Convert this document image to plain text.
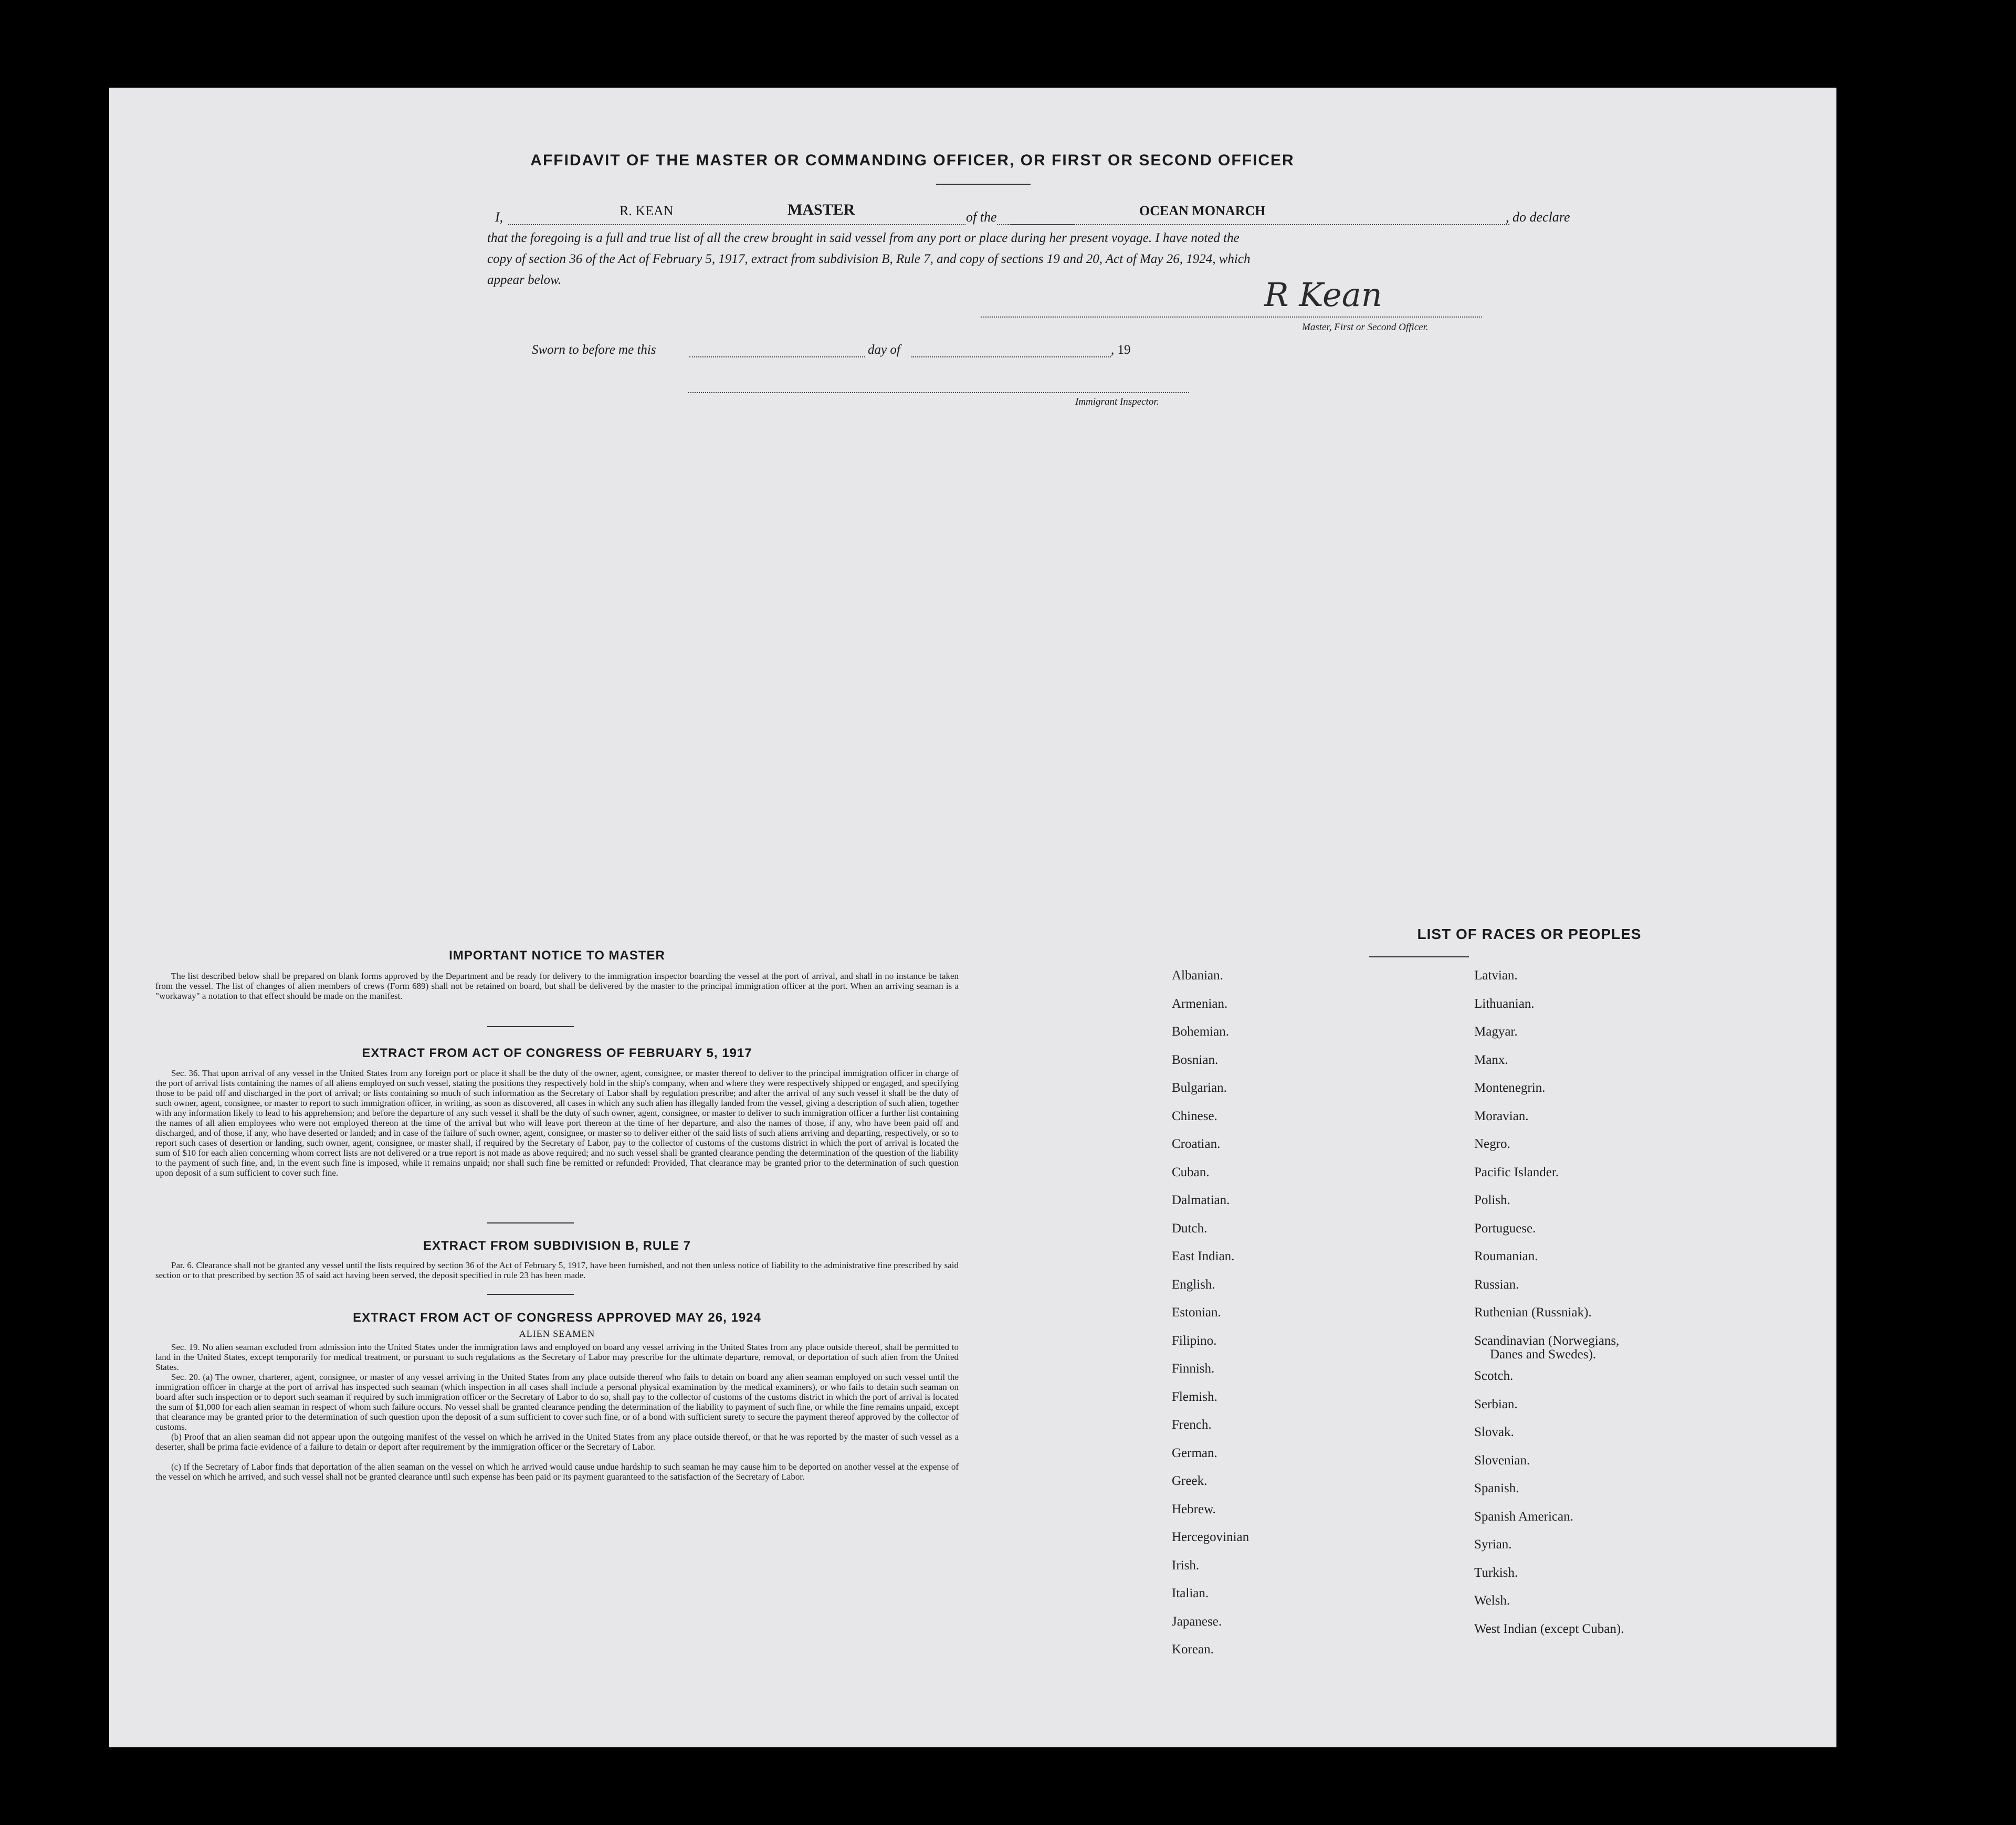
AFFIDAVIT OF THE MASTER OR COMMANDING OFFICER, OR FIRST OR SECOND OFFICER
I,	R. KEAN	MASTER	of the	OCEAN MONARCH	, do declare
that the foregoing is a full and true list of all the crew brought in said vessel from any port or place during her present voyage. I have noted the
copy of section 36 of the Act of February 5, 1917, extract from subdivision B, Rule 7, and copy of sections 19 and 20, Act of May 26, 1924, which
appear below.	R Kean
Master, First or Second Officer.
Sworn to before me this	day of	, 19
Immigrant Inspector.
IMPORTANT NOTICE TO MASTER
The list described below shall be prepared on blank forms approved by the Department and be ready for delivery to the immigration inspector boarding the vessel at the port of arrival, and shall in no instance be taken from the vessel. The list of changes of alien members of crews (Form 689) shall not be retained on board, but shall be delivered by the master to the principal immigration officer at the port. When an arriving seaman is a "workaway" a notation to that effect should be made on the manifest.
EXTRACT FROM ACT OF CONGRESS OF FEBRUARY 5, 1917
Sec. 36. That upon arrival of any vessel in the United States from any foreign port or place it shall be the duty of the owner, agent, consignee, or master thereof to deliver to the principal immigration officer in charge of the port of arrival lists containing the names of all aliens employed on such vessel, stating the positions they respectively hold in the ship's company, when and where they were respectively shipped or engaged, and specifying those to be paid off and discharged in the port of arrival; or lists containing so much of such information as the Secretary of Labor shall by regulation prescribe; and after the arrival of any such vessel it shall be the duty of such owner, agent, consignee, or master to report to such immigration officer, in writing, as soon as discovered, all cases in which any such alien has illegally landed from the vessel, giving a description of such alien, together with any information likely to lead to his apprehension; and before the departure of any such vessel it shall be the duty of such owner, agent, consignee, or master to deliver to such immigration officer a further list containing the names of all alien employees who were not employed thereon at the time of the arrival but who will leave port thereon at the time of her departure, and also the names of those, if any, who have been paid off and discharged, and of those, if any, who have deserted or landed; and in case of the failure of such owner, agent, consignee, or master so to deliver either of the said lists of such aliens arriving and departing, respectively, or so to report such cases of desertion or landing, such owner, agent, consignee, or master shall, if required by the Secretary of Labor, pay to the collector of customs of the customs district in which the port of arrival is located the sum of $10 for each alien concerning whom correct lists are not delivered or a true report is not made as above required; and no such vessel shall be granted clearance pending the determination of the question of the liability to the payment of such fine, and, in the event such fine is imposed, while it remains unpaid; nor shall such fine be remitted or refunded: Provided, That clearance may be granted prior to the determination of such question upon deposit of a sum sufficient to cover such fine.
EXTRACT FROM SUBDIVISION B, RULE 7
Par. 6. Clearance shall not be granted any vessel until the lists required by section 36 of the Act of February 5, 1917, have been furnished, and not then unless notice of liability to the administrative fine prescribed by said section or to that prescribed by section 35 of said act having been served, the deposit specified in rule 23 has been made.
EXTRACT FROM ACT OF CONGRESS APPROVED MAY 26, 1924
ALIEN SEAMEN
Sec. 19. No alien seaman excluded from admission into the United States under the immigration laws and employed on board any vessel arriving in the United States from any place outside thereof, shall be permitted to land in the United States, except temporarily for medical treatment, or pursuant to such regulations as the Secretary of Labor may prescribe for the ultimate departure, removal, or deportation of such alien from the United States.
Sec. 20. (a) The owner, charterer, agent, consignee, or master of any vessel arriving in the United States from any place outside thereof who fails to detain on board any alien seaman employed on such vessel until the immigration officer in charge at the port of arrival has inspected such seaman (which inspection in all cases shall include a personal physical examination by the medical examiners), or who fails to detain such seaman on board after such inspection or to deport such seaman if required by such immigration officer or the Secretary of Labor to do so, shall pay to the collector of customs of the customs district in which the port of arrival is located the sum of $1,000 for each alien seaman in respect of whom such failure occurs. No vessel shall be granted clearance pending the determination of the liability to payment of such fine, or while the fine remains unpaid, except that clearance may be granted prior to the determination of such question upon the deposit of a sum sufficient to cover such fine, or of a bond with sufficient surety to secure the payment thereof approved by the collector of customs.
(b) Proof that an alien seaman did not appear upon the outgoing manifest of the vessel on which he arrived in the United States from any place outside thereof, or that he was reported by the master of such vessel as a deserter, shall be prima facie evidence of a failure to detain or deport after requirement by the immigration officer or the Secretary of Labor.
(c) If the Secretary of Labor finds that deportation of the alien seaman on the vessel on which he arrived would cause undue hardship to such seaman he may cause him to be deported on another vessel at the expense of the vessel on which he arrived, and such vessel shall not be granted clearance until such expense has been paid or its payment guaranteed to the satisfaction of the Secretary of Labor.
LIST OF RACES OR PEOPLES
Albanian.
Armenian.
Bohemian.
Bosnian.
Bulgarian.
Chinese.
Croatian.
Cuban.
Dalmatian.
Dutch.
East Indian.
English.
Estonian.
Filipino.
Finnish.
Flemish.
French.
German.
Greek.
Hebrew.
Hercegovinian
Irish.
Italian.
Japanese.
Korean.
Latvian.
Lithuanian.
Magyar.
Manx.
Montenegrin.
Moravian.
Negro.
Pacific Islander.
Polish.
Portuguese.
Roumanian.
Russian.
Ruthenian (Russniak).
Scandinavian (Norwegians,
Scotch.
Serbian.
Slovak.
Slovenian.
Spanish.
Spanish American.
Syrian.
Turkish.
Welsh.
West Indian (except Cuban).
Danes and Swedes).
